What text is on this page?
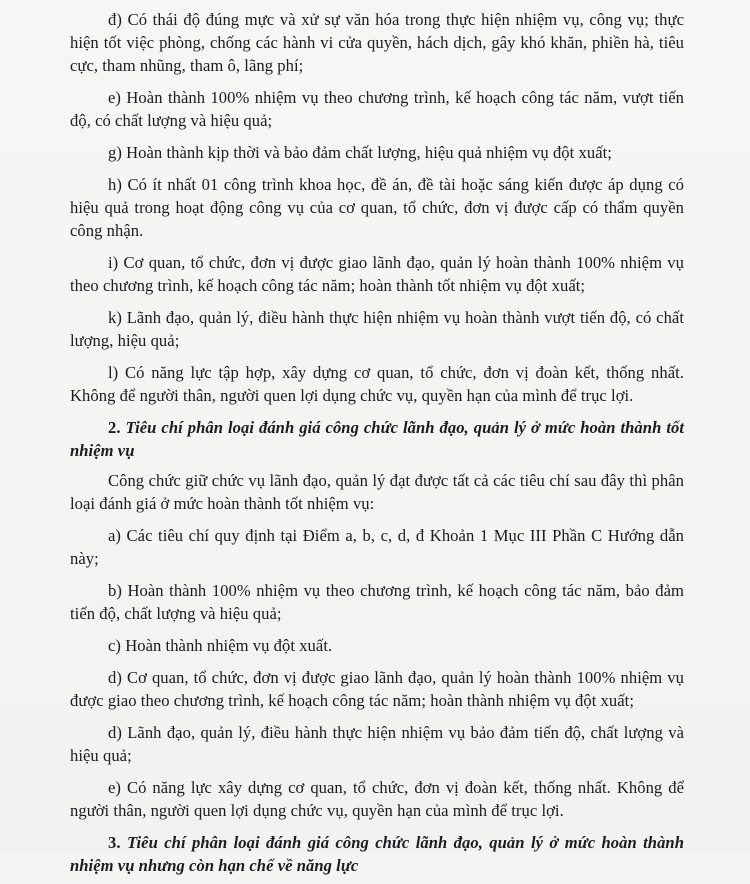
đ) Có thái độ đúng mực và xử sự văn hóa trong thực hiện nhiệm vụ, công vụ; thực hiện tốt việc phòng, chống các hành vi cửa quyền, hách dịch, gây khó khăn, phiền hà, tiêu cực, tham nhũng, tham ô, lãng phí;

e) Hoàn thành 100% nhiệm vụ theo chương trình, kế hoạch công tác năm, vượt tiến độ, có chất lượng và hiệu quả;

g) Hoàn thành kịp thời và bảo đảm chất lượng, hiệu quả nhiệm vụ đột xuất;

h) Có ít nhất 01 công trình khoa học, đề án, đề tài hoặc sáng kiến được áp dụng có hiệu quả trong hoạt động công vụ của cơ quan, tổ chức, đơn vị được cấp có thẩm quyền công nhận.

i) Cơ quan, tổ chức, đơn vị được giao lãnh đạo, quản lý hoàn thành 100% nhiệm vụ theo chương trình, kế hoạch công tác năm; hoàn thành tốt nhiệm vụ đột xuất;

k) Lãnh đạo, quản lý, điều hành thực hiện nhiệm vụ hoàn thành vượt tiến độ, có chất lượng, hiệu quả;

l) Có năng lực tập hợp, xây dựng cơ quan, tổ chức, đơn vị đoàn kết, thống nhất. Không để người thân, người quen lợi dụng chức vụ, quyền hạn của mình để trục lợi.

2. Tiêu chí phân loại đánh giá công chức lãnh đạo, quản lý ở mức hoàn thành tốt nhiệm vụ

Công chức giữ chức vụ lãnh đạo, quản lý đạt được tất cả các tiêu chí sau đây thì phân loại đánh giá ở mức hoàn thành tốt nhiệm vụ:

a) Các tiêu chí quy định tại Điểm a, b, c, d, đ Khoản 1 Mục III Phần C Hướng dẫn này;

b) Hoàn thành 100% nhiệm vụ theo chương trình, kế hoạch công tác năm, bảo đảm tiến độ, chất lượng và hiệu quả;

c) Hoàn thành nhiệm vụ đột xuất.

d) Cơ quan, tổ chức, đơn vị được giao lãnh đạo, quản lý hoàn thành 100% nhiệm vụ được giao theo chương trình, kế hoạch công tác năm; hoàn thành nhiệm vụ đột xuất;

d) Lãnh đạo, quản lý, điều hành thực hiện nhiệm vụ bảo đảm tiến độ, chất lượng và hiệu quả;

e) Có năng lực xây dựng cơ quan, tổ chức, đơn vị đoàn kết, thống nhất. Không để người thân, người quen lợi dụng chức vụ, quyền hạn của mình để trục lợi.

3. Tiêu chí phân loại đánh giá công chức lãnh đạo, quản lý ở mức hoàn thành nhiệm vụ nhưng còn hạn chế về năng lực
